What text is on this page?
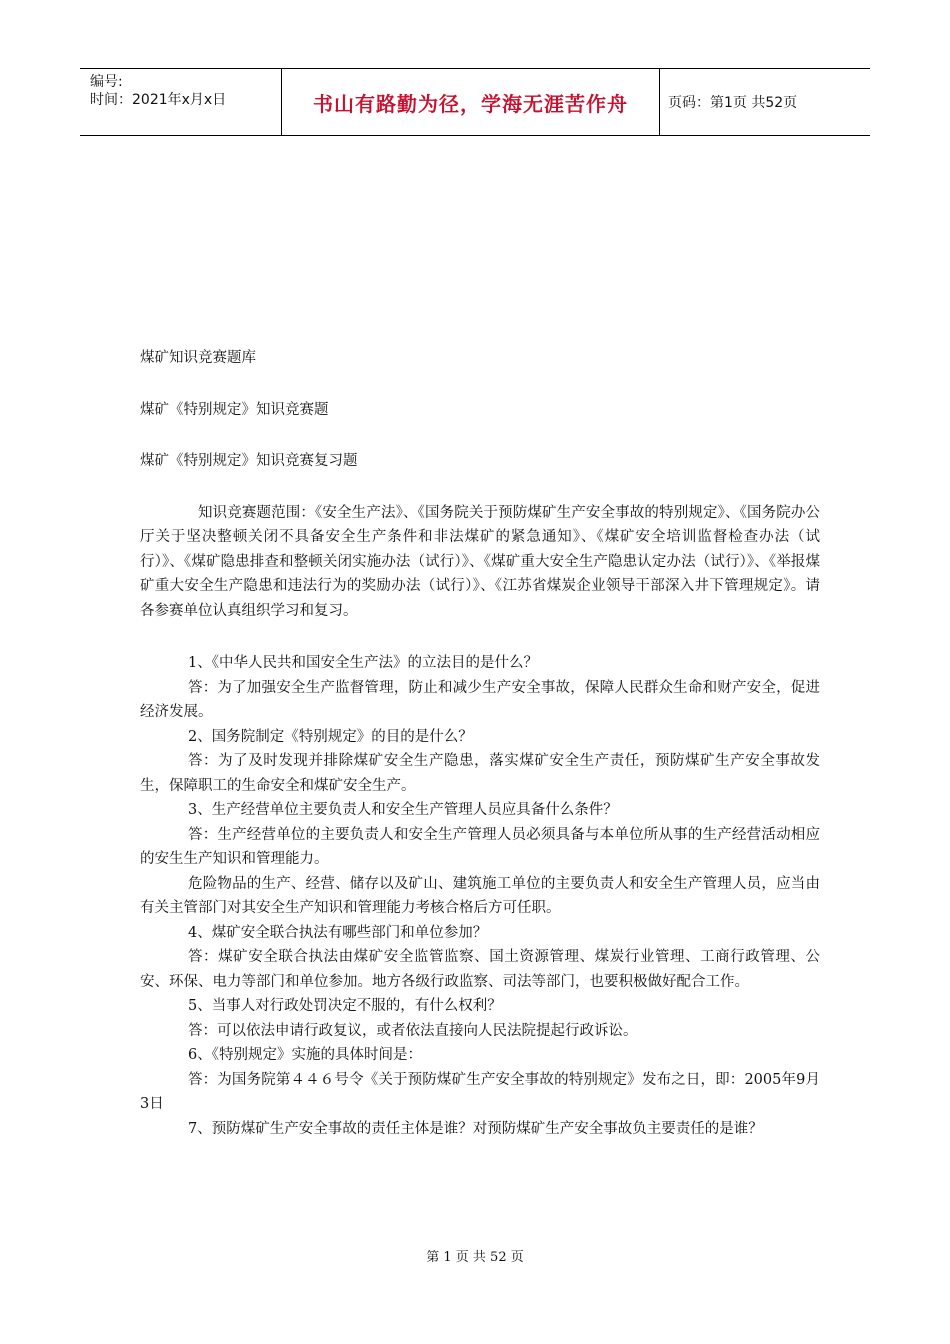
编号:
时间：2021年x月x日	书山有路勤为径，学海无涯苦作舟	页码：第1页 共52页

煤矿知识竞赛题库

煤矿《特别规定》知识竞赛题

煤矿《特别规定》知识竞赛复习题

知识竞赛题范围：《安全生产法》、《国务院关于预防煤矿生产安全事故的特别规定》、《国务院办公厅关于坚决整顿关闭不具备安全生产条件和非法煤矿的紧急通知》、《煤矿安全培训监督检查办法（试行）》、《煤矿隐患排查和整顿关闭实施办法（试行）》、《煤矿重大安全生产隐患认定办法（试行）》、《举报煤矿重大安全生产隐患和违法行为的奖励办法（试行）》、《江苏省煤炭企业领导干部深入井下管理规定》。请各参赛单位认真组织学习和复习。

1、《中华人民共和国安全生产法》的立法目的是什么？

答：为了加强安全生产监督管理，防止和减少生产安全事故，保障人民群众生命和财产安全，促进经济发展。

2、国务院制定《特别规定》的目的是什么？

答：为了及时发现并排除煤矿安全生产隐患，落实煤矿安全生产责任，预防煤矿生产安全事故发生，保障职工的生命安全和煤矿安全生产。

3、生产经营单位主要负责人和安全生产管理人员应具备什么条件？

答：生产经营单位的主要负责人和安全生产管理人员必须具备与本单位所从事的生产经营活动相应的安生生产知识和管理能力。

危险物品的生产、经营、储存以及矿山、建筑施工单位的主要负责人和安全生产管理人员，应当由有关主管部门对其安全生产知识和管理能力考核合格后方可任职。

4、煤矿安全联合执法有哪些部门和单位参加？

答：煤矿安全联合执法由煤矿安全监管监察、国土资源管理、煤炭行业管理、工商行政管理、公安、环保、电力等部门和单位参加。地方各级行政监察、司法等部门，也要积极做好配合工作。

5、当事人对行政处罚决定不服的，有什么权利？

答：可以依法申请行政复议，或者依法直接向人民法院提起行政诉讼。

6、《特别规定》实施的具体时间是：

答：为国务院第４４６号令《关于预防煤矿生产安全事故的特别规定》发布之日，即：2005年9月3日

7、预防煤矿生产安全事故的责任主体是谁？对预防煤矿生产安全事故负主要责任的是谁？

第 1 页 共 52 页
